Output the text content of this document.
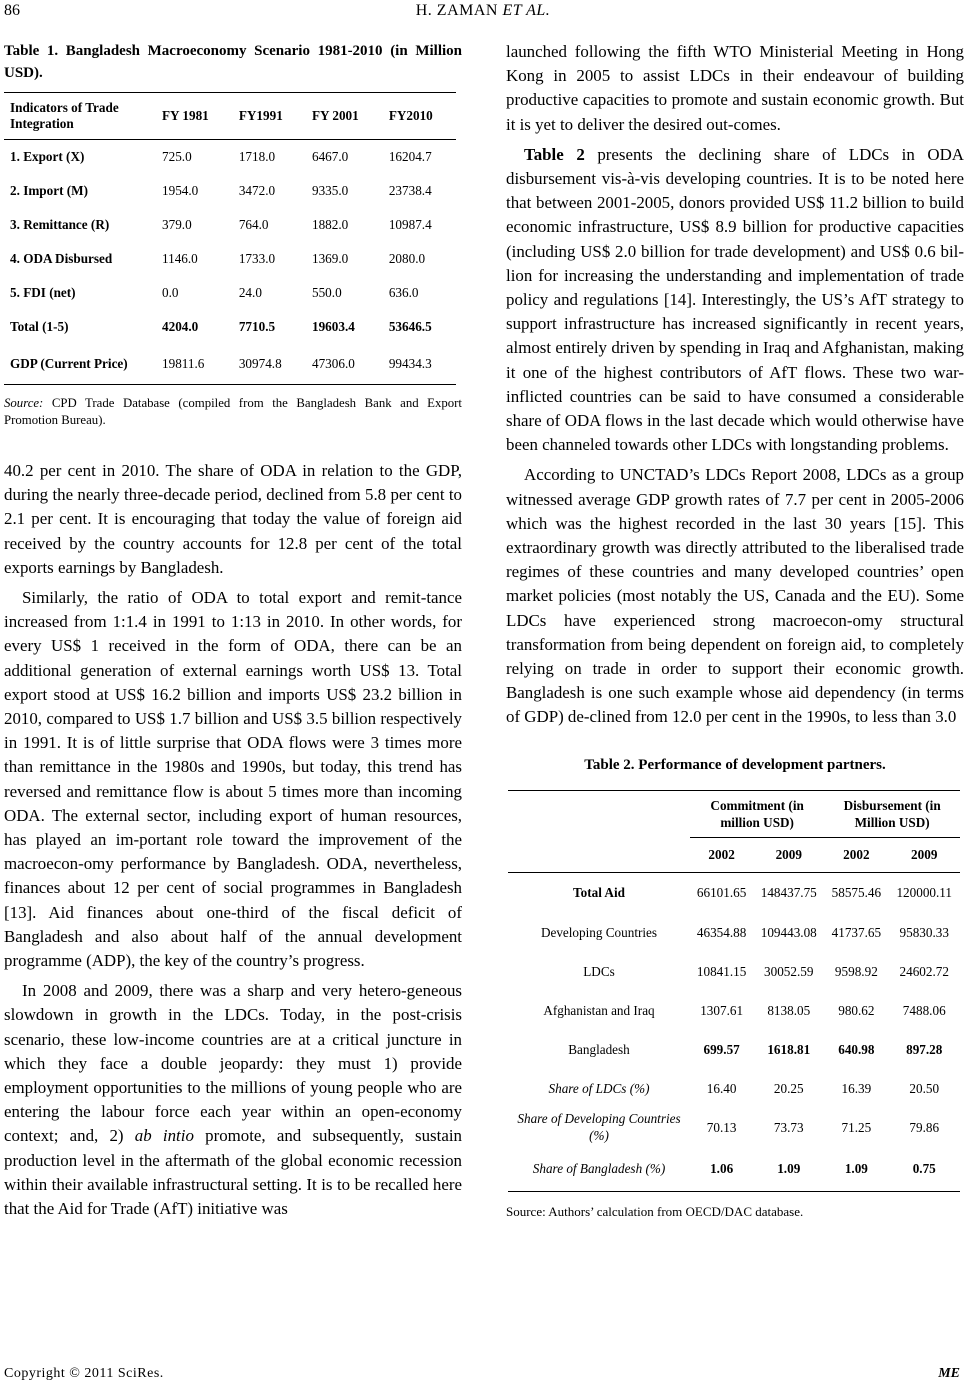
86	H. ZAMAN ET AL.
Table 1. Bangladesh Macroeconomy Scenario 1981-2010 (in Million USD).
Indicators of Trade Integration	FY 1981	FY1991	FY 2001	FY2010
1. Export (X)	725.0	1718.0	6467.0	16204.7
2. Import (M)	1954.0	3472.0	9335.0	23738.4
3. Remittance (R)	379.0	764.0	1882.0	10987.4
4. ODA Disbursed	1146.0	1733.0	1369.0	2080.0
5. FDI (net)	0.0	24.0	550.0	636.0
Total (1-5)	4204.0	7710.5	19603.4	53646.5
GDP (Current Price)	19811.6	30974.8	47306.0	99434.3

Source: CPD Trade Database (compiled from the Bangladesh Bank and Export Promotion Bureau).

40.2 per cent in 2010. The share of ODA in relation to the GDP, during the nearly three-decade period, declined from 5.8 per cent to 2.1 per cent. It is encouraging that today the value of foreign aid received by the country accounts for 12.8 per cent of the total exports earnings by Bangladesh.

Similarly, the ratio of ODA to total export and remit-tance increased from 1:1.4 in 1991 to 1:13 in 2010. In other words, for every US$ 1 received in the form of ODA, there can be an additional generation of external earnings worth US$ 13. Total export stood at US$ 16.2 billion and imports US$ 23.2 billion in 2010, compared to US$ 1.7 billion and US$ 3.5 billion respectively in 1991. It is of little surprise that ODA flows were 3 times more than remittance in the 1980s and 1990s, but today, this trend has reversed and remittance flow is about 5 times more than incoming ODA. The external sector, including export of human resources, has played an im-portant role toward the improvement of the macroecon-omy performance by Bangladesh. ODA, nevertheless, finances about 12 per cent of social programmes in Bangladesh [13]. Aid finances about one-third of the fiscal deficit of Bangladesh and also about half of the annual development programme (ADP), the key of the country’s progress.

In 2008 and 2009, there was a sharp and very hetero-geneous slowdown in growth in the LDCs. Today, in the post-crisis scenario, these low-income countries are at a critical juncture in which they face a double jeopardy: they must 1) provide employment opportunities to the millions of young people who are entering the labour force each year within an open-economy context; and, 2) ab intio promote, and subsequently, sustain production level in the aftermath of the global economic recession within their available infrastructural setting. It is to be recalled here that the Aid for Trade (AfT) initiative was

launched following the fifth WTO Ministerial Meeting in Hong Kong in 2005 to assist LDCs in their endeavour of building productive capacities to promote and sustain economic growth. But it is yet to deliver the desired out-comes.

Table 2 presents the declining share of LDCs in ODA disbursement vis-à-vis developing countries. It is to be noted here that between 2001-2005, donors provided US$ 11.2 billion to build economic infrastructure, US$ 8.9 billion for productive capacities (including US$ 2.0 billion for trade development) and US$ 0.6 bil-lion for increasing the understanding and implementation of trade policy and regulations [14]. Interestingly, the US’s AfT strategy to support infrastructure has increased significantly in recent years, almost entirely driven by spending in Iraq and Afghanistan, making it one of the highest contributors of AfT flows. These two war-inflicted countries can be said to have consumed a considerable share of ODA flows in the last decade which would otherwise have been channeled towards other LDCs with longstanding problems.

According to UNCTAD’s LDCs Report 2008, LDCs as a group witnessed average GDP growth rates of 7.7 per cent in 2005-2006 which was the highest recorded in the last 30 years [15]. This extraordinary growth was directly attributed to the liberalised trade regimes of these countries and many developed countries’ open market policies (most notably the US, Canada and the EU). Some LDCs have experienced strong macroecon-omy structural transformation from being dependent on foreign aid, to completely relying on trade in order to support their economic growth. Bangladesh is one such example whose aid dependency (in terms of GDP) de-clined from 12.0 per cent in the 1990s, to less than 3.0

Table 2. Performance of development partners.
	Commitment (in million USD)		Disbursement (in Million USD)	
	2002	2009	2002	2009
Total Aid	66101.65	148437.75	58575.46	120000.11
Developing Countries	46354.88	109443.08	41737.65	95830.33
LDCs	10841.15	30052.59	9598.92	24602.72
Afghanistan and Iraq	1307.61	8138.05	980.62	7488.06
Bangladesh	699.57	1618.81	640.98	897.28
Share of LDCs (%)	16.40	20.25	16.39	20.50
Share of Developing Countries (%)	70.13	73.73	71.25	79.86
Share of Bangladesh (%)	1.06	1.09	1.09	0.75

Source: Authors’ calculation from OECD/DAC database.

Copyright © 2011 SciRes.	ME
